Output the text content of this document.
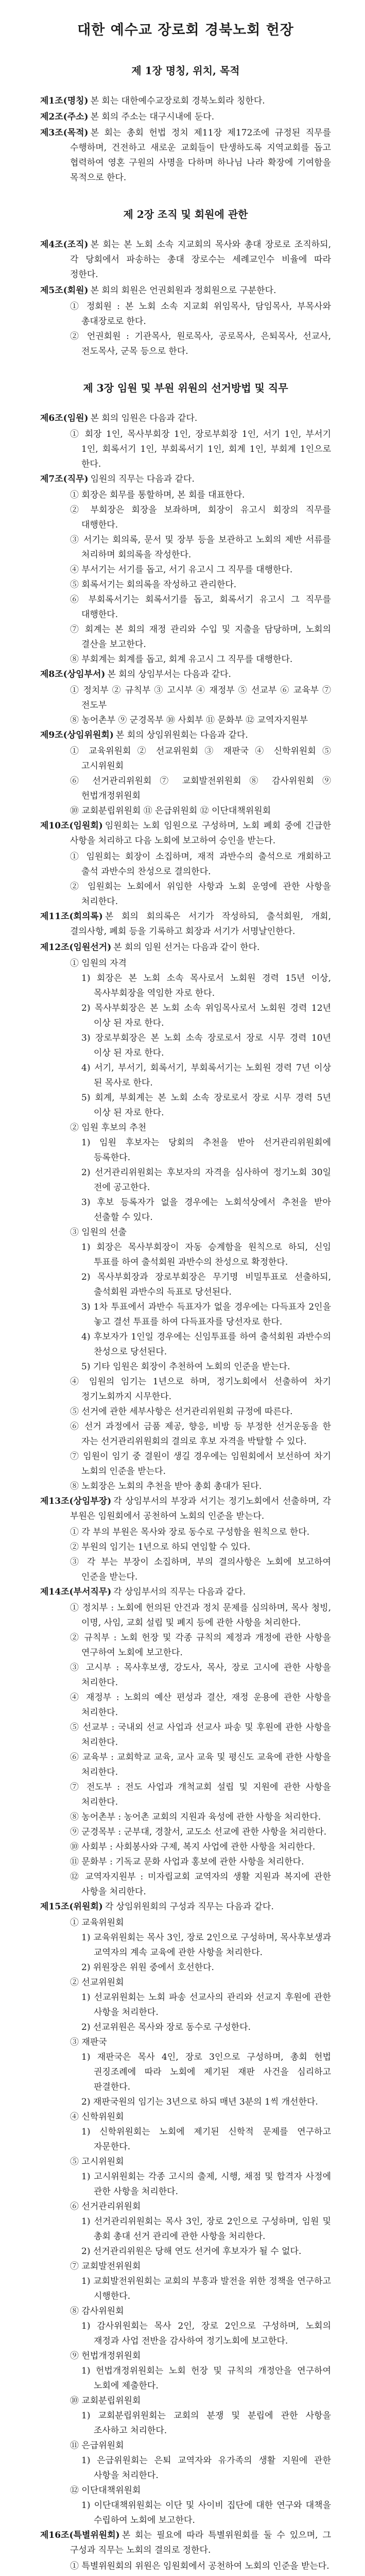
대한 예수교 장로회 경북노회 헌장
제 1장 명칭, 위치, 목적

제1조(명칭) 본 회는 대한예수교장로회 경북노회라 칭한다.

제2조(주소) 본 회의 주소는 대구시내에 둔다.

제3조(목적) 본 회는 총회 헌법 정치 제11장 제172조에 규정된 직무를 수행하며, 건전하고 새로운 교회들이 탄생하도록 지역교회를 돕고 협력하여 영혼 구원의 사명을 다하며 하나님 나라 확장에 기여함을 목적으로 한다.

제 2장 조직 및 회원에 관한

제4조(조직) 본 회는 본 노회 소속 지교회의 목사와 총대 장로로 조직하되, 각 당회에서 파송하는 총대 장로수는 세례교인수 비율에 따라 정한다.

제5조(회원) 본 회의 회원은 언권회원과 정회원으로 구분한다.

① 정회원 : 본 노회 소속 지교회 위임목사, 담임목사, 부목사와 총대장로로 한다.

② 언권회원 : 기관목사, 원로목사, 공로목사, 은퇴목사, 선교사, 전도목사, 군목 등으로 한다.

제 3장 임원 및 부원 위원의 선거방법 및 직무

제6조(임원) 본 회의 임원은 다음과 같다.

① 회장 1인, 목사부회장 1인, 장로부회장 1인, 서기 1인, 부서기 1인, 회록서기 1인, 부회록서기 1인, 회계 1인, 부회계 1인으로 한다.

제7조(직무) 임원의 직무는 다음과 같다.

① 회장은 회무를 통할하며, 본 회를 대표한다.

② 부회장은 회장을 보좌하며, 회장이 유고시 회장의 직무를 대행한다.

③ 서기는 회의록, 문서 및 장부 등을 보관하고 노회의 제반 서류를 처리하며 회의록을 작성한다.

④ 부서기는 서기를 돕고, 서기 유고시 그 직무를 대행한다.

⑤ 회록서기는 회의록을 작성하고 관리한다.

⑥ 부회록서기는 회록서기를 돕고, 회록서기 유고시 그 직무를 대행한다.

⑦ 회계는 본 회의 재정 관리와 수입 및 지출을 담당하며, 노회의 결산을 보고한다.

⑧ 부회계는 회계를 돕고, 회계 유고시 그 직무를 대행한다.

제8조(상임부서) 본 회의 상임부서는 다음과 같다.

① 정치부 ② 규칙부 ③ 고시부 ④ 재정부 ⑤ 선교부 ⑥ 교육부 ⑦ 전도부

⑧ 농어촌부 ⑨ 군경목부 ⑩ 사회부 ⑪ 문화부 ⑫ 교역자지원부

제9조(상임위원회) 본 회의 상임위원회는 다음과 같다.

① 교육위원회 ② 선교위원회 ③ 재판국 ④ 신학위원회 ⑤ 고시위원회

⑥ 선거관리위원회 ⑦ 교회발전위원회 ⑧ 감사위원회 ⑨ 헌법개정위원회

⑩ 교회분립위원회 ⑪ 은급위원회 ⑫ 이단대책위원회

제10조(임원회) 임원회는 노회 임원으로 구성하며, 노회 폐회 중에 긴급한 사항을 처리하고 다음 노회에 보고하여 승인을 받는다.

① 임원회는 회장이 소집하며, 재적 과반수의 출석으로 개회하고 출석 과반수의 찬성으로 결의한다.

② 임원회는 노회에서 위임한 사항과 노회 운영에 관한 사항을 처리한다.

제11조(회의록) 본 회의 회의록은 서기가 작성하되, 출석회원, 개회, 결의사항, 폐회 등을 기록하고 회장과 서기가 서명날인한다.

제12조(임원선거) 본 회의 임원 선거는 다음과 같이 한다.

① 임원의 자격

1) 회장은 본 노회 소속 목사로서 노회원 경력 15년 이상, 목사부회장을 역임한 자로 한다.

2) 목사부회장은 본 노회 소속 위임목사로서 노회원 경력 12년 이상 된 자로 한다.

3) 장로부회장은 본 노회 소속 장로로서 장로 시무 경력 10년 이상 된 자로 한다.

4) 서기, 부서기, 회록서기, 부회록서기는 노회원 경력 7년 이상 된 목사로 한다.

5) 회계, 부회계는 본 노회 소속 장로로서 장로 시무 경력 5년 이상 된 자로 한다.

② 임원 후보의 추천

1) 임원 후보자는 당회의 추천을 받아 선거관리위원회에 등록한다.

2) 선거관리위원회는 후보자의 자격을 심사하여 정기노회 30일 전에 공고한다.

3) 후보 등록자가 없을 경우에는 노회석상에서 추천을 받아 선출할 수 있다.

③ 임원의 선출

1) 회장은 목사부회장이 자동 승계함을 원칙으로 하되, 신임 투표를 하여 출석회원 과반수의 찬성으로 확정한다.

2) 목사부회장과 장로부회장은 무기명 비밀투표로 선출하되, 출석회원 과반수의 득표로 당선된다.

3) 1차 투표에서 과반수 득표자가 없을 경우에는 다득표자 2인을 놓고 결선 투표를 하여 다득표자를 당선자로 한다.

4) 후보자가 1인일 경우에는 신임투표를 하여 출석회원 과반수의 찬성으로 당선된다.

5) 기타 임원은 회장이 추천하여 노회의 인준을 받는다.

④ 임원의 임기는 1년으로 하며, 정기노회에서 선출하여 차기 정기노회까지 시무한다.

⑤ 선거에 관한 세부사항은 선거관리위원회 규정에 따른다.

⑥ 선거 과정에서 금품 제공, 향응, 비방 등 부정한 선거운동을 한 자는 선거관리위원회의 결의로 후보 자격을 박탈할 수 있다.

⑦ 임원이 임기 중 결원이 생길 경우에는 임원회에서 보선하여 차기 노회의 인준을 받는다.

⑧ 노회장은 노회의 추천을 받아 총회 총대가 된다.

제13조(상임부장) 각 상임부서의 부장과 서기는 정기노회에서 선출하며, 각 부원은 임원회에서 공천하여 노회의 인준을 받는다.

① 각 부의 부원은 목사와 장로 동수로 구성함을 원칙으로 한다.

② 부원의 임기는 1년으로 하되 연임할 수 있다.

③ 각 부는 부장이 소집하며, 부의 결의사항은 노회에 보고하여 인준을 받는다.

제14조(부서직무) 각 상임부서의 직무는 다음과 같다.

① 정치부 : 노회에 헌의된 안건과 정치 문제를 심의하며, 목사 청빙, 이명, 사임, 교회 설립 및 폐지 등에 관한 사항을 처리한다.

② 규칙부 : 노회 헌장 및 각종 규칙의 제정과 개정에 관한 사항을 연구하여 노회에 보고한다.

③ 고시부 : 목사후보생, 강도사, 목사, 장로 고시에 관한 사항을 처리한다.

④ 재정부 : 노회의 예산 편성과 결산, 재정 운용에 관한 사항을 처리한다.

⑤ 선교부 : 국내외 선교 사업과 선교사 파송 및 후원에 관한 사항을 처리한다.

⑥ 교육부 : 교회학교 교육, 교사 교육 및 평신도 교육에 관한 사항을 처리한다.

⑦ 전도부 : 전도 사업과 개척교회 설립 및 지원에 관한 사항을 처리한다.

⑧ 농어촌부 : 농어촌 교회의 지원과 육성에 관한 사항을 처리한다.

⑨ 군경목부 : 군부대, 경찰서, 교도소 선교에 관한 사항을 처리한다.

⑩ 사회부 : 사회봉사와 구제, 복지 사업에 관한 사항을 처리한다.

⑪ 문화부 : 기독교 문화 사업과 홍보에 관한 사항을 처리한다.

⑫ 교역자지원부 : 미자립교회 교역자의 생활 지원과 복지에 관한 사항을 처리한다.

제15조(위원회) 각 상임위원회의 구성과 직무는 다음과 같다.

① 교육위원회

1) 교육위원회는 목사 3인, 장로 2인으로 구성하며, 목사후보생과 교역자의 계속 교육에 관한 사항을 처리한다.

2) 위원장은 위원 중에서 호선한다.

② 선교위원회

1) 선교위원회는 노회 파송 선교사의 관리와 선교지 후원에 관한 사항을 처리한다.

2) 선교위원은 목사와 장로 동수로 구성한다.

③ 재판국

1) 재판국은 목사 4인, 장로 3인으로 구성하며, 총회 헌법 권징조례에 따라 노회에 제기된 재판 사건을 심리하고 판결한다.

2) 재판국원의 임기는 3년으로 하되 매년 3분의 1씩 개선한다.

④ 신학위원회

1) 신학위원회는 노회에 제기된 신학적 문제를 연구하고 자문한다.

⑤ 고시위원회

1) 고시위원회는 각종 고시의 출제, 시행, 채점 및 합격자 사정에 관한 사항을 처리한다.

⑥ 선거관리위원회

1) 선거관리위원회는 목사 3인, 장로 2인으로 구성하며, 임원 및 총회 총대 선거 관리에 관한 사항을 처리한다.

2) 선거관리위원은 당해 연도 선거에 후보자가 될 수 없다.

⑦ 교회발전위원회

1) 교회발전위원회는 교회의 부흥과 발전을 위한 정책을 연구하고 시행한다.

⑧ 감사위원회

1) 감사위원회는 목사 2인, 장로 2인으로 구성하며, 노회의 재정과 사업 전반을 감사하여 정기노회에 보고한다.

⑨ 헌법개정위원회

1) 헌법개정위원회는 노회 헌장 및 규칙의 개정안을 연구하여 노회에 제출한다.

⑩ 교회분립위원회

1) 교회분립위원회는 교회의 분쟁 및 분립에 관한 사항을 조사하고 처리한다.

⑪ 은급위원회

1) 은급위원회는 은퇴 교역자와 유가족의 생활 지원에 관한 사항을 처리한다.

⑫ 이단대책위원회

1) 이단대책위원회는 이단 및 사이비 집단에 대한 연구와 대책을 수립하여 노회에 보고한다.

제16조(특별위원회) 본 회는 필요에 따라 특별위원회를 둘 수 있으며, 그 구성과 직무는 노회의 결의로 정한다.

① 특별위원회의 위원은 임원회에서 공천하여 노회의 인준을 받는다.
